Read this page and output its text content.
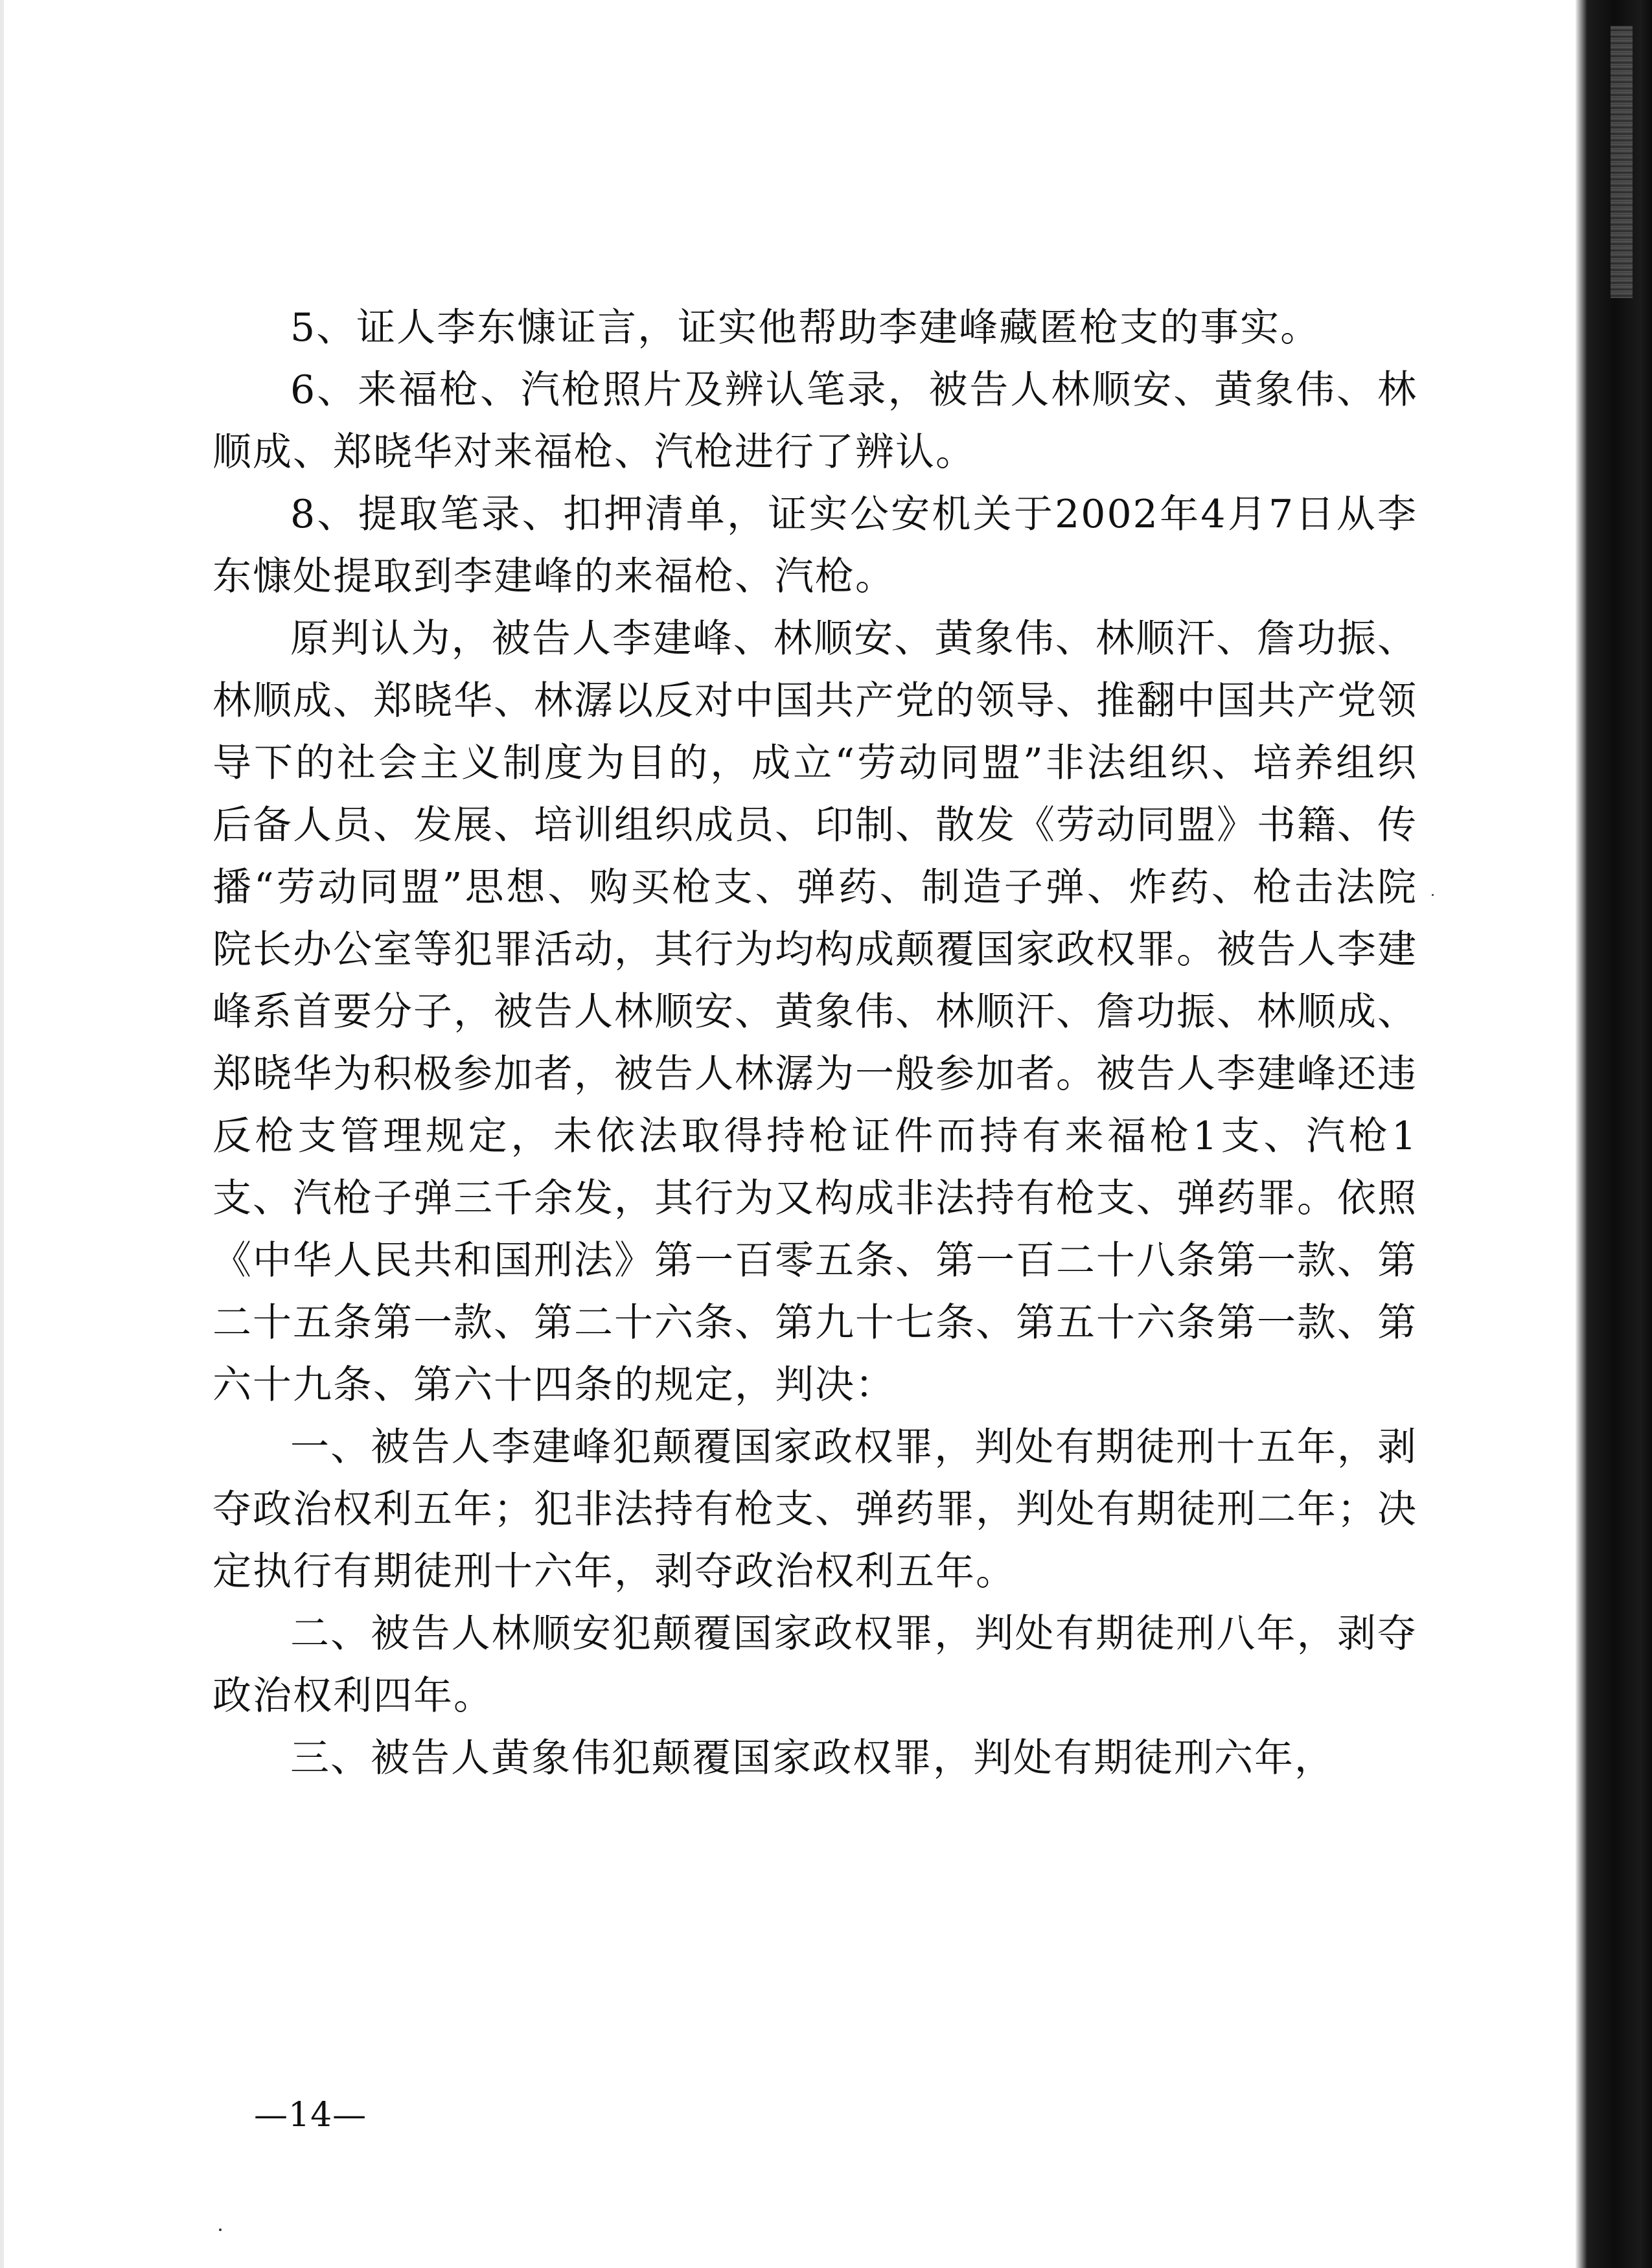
5、证人李东慷证言，证实他帮助李建峰藏匿枪支的事实。

6、来福枪、汽枪照片及辨认笔录，被告人林顺安、黄象伟、林顺成、郑晓华对来福枪、汽枪进行了辨认。

8、提取笔录、扣押清单，证实公安机关于2002年4月7日从李东慷处提取到李建峰的来福枪、汽枪。

原判认为，被告人李建峰、林顺安、黄象伟、林顺汗、詹功振、林顺成、郑晓华、林潺以反对中国共产党的领导、推翻中国共产党领导下的社会主义制度为目的，成立“劳动同盟”非法组织、培养组织后备人员、发展、培训组织成员、印制、散发《劳动同盟》书籍、传播“劳动同盟”思想、购买枪支、弹药、制造子弹、炸药、枪击法院院长办公室等犯罪活动，其行为均构成颠覆国家政权罪。被告人李建峰系首要分子，被告人林顺安、黄象伟、林顺汗、詹功振、林顺成、郑晓华为积极参加者，被告人林潺为一般参加者。被告人李建峰还违反枪支管理规定，未依法取得持枪证件而持有来福枪1支、汽枪1支、汽枪子弹三千余发，其行为又构成非法持有枪支、弹药罪。依照《中华人民共和国刑法》第一百零五条、第一百二十八条第一款、第二十五条第一款、第二十六条、第九十七条、第五十六条第一款、第六十九条、第六十四条的规定，判决：

一、被告人李建峰犯颠覆国家政权罪，判处有期徒刑十五年，剥夺政治权利五年；犯非法持有枪支、弹药罪，判处有期徒刑二年；决定执行有期徒刑十六年，剥夺政治权利五年。

二、被告人林顺安犯颠覆国家政权罪，判处有期徒刑八年，剥夺政治权利四年。

三、被告人黄象伟犯颠覆国家政权罪，判处有期徒刑六年，

—14—
